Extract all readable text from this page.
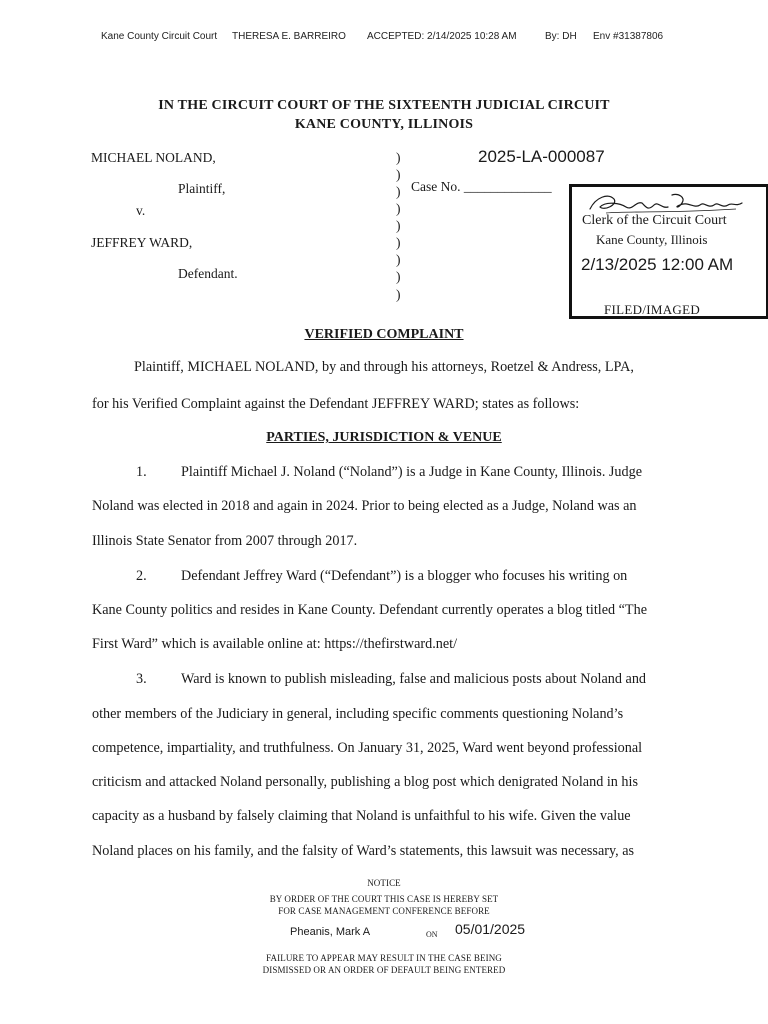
Kane County Circuit Court THERESA E. BARREIRO ACCEPTED: 2/14/2025 10:28 AM	By: DH Env #31387806
IN THE CIRCUIT COURT OF THE SIXTEENTH JUDICIAL CIRCUIT
KANE COUNTY, ILLINOIS
MICHAEL NOLAND,
Plaintiff,
v.
JEFFREY WARD,
Defendant.
)
)
)
)
)
)
)
)
)
2025-LA-000087
Case No. _____________
Clerk of the Circuit Court
Kane County, Illinois
2/13/2025 12:00 AM
FILED/IMAGED
VERIFIED COMPLAINT
Plaintiff, MICHAEL NOLAND, by and through his attorneys, Roetzel & Andress, LPA,
for his Verified Complaint against the Defendant JEFFREY WARD; states as follows:
PARTIES, JURISDICTION & VENUE
1. Plaintiff Michael J. Noland (“Noland”) is a Judge in Kane County, Illinois. Judge
Noland was elected in 2018 and again in 2024. Prior to being elected as a Judge, Noland was an
Illinois State Senator from 2007 through 2017.
2. Defendant Jeffrey Ward (“Defendant”) is a blogger who focuses his writing on
Kane County politics and resides in Kane County. Defendant currently operates a blog titled “The
First Ward” which is available online at: https://thefirstward.net/
3. Ward is known to publish misleading, false and malicious posts about Noland and
other members of the Judiciary in general, including specific comments questioning Noland’s
competence, impartiality, and truthfulness. On January 31, 2025, Ward went beyond professional
criticism and attacked Noland personally, publishing a blog post which denigrated Noland in his
capacity as a husband by falsely claiming that Noland is unfaithful to his wife. Given the value
Noland places on his family, and the falsity of Ward’s statements, this lawsuit was necessary, as
NOTICE
BY ORDER OF THE COURT THIS CASE IS HEREBY SET
FOR CASE MANAGEMENT CONFERENCE BEFORE
Pheanis, Mark A	ON 05/01/2025
FAILURE TO APPEAR MAY RESULT IN THE CASE BEING
DISMISSED OR AN ORDER OF DEFAULT BEING ENTERED
